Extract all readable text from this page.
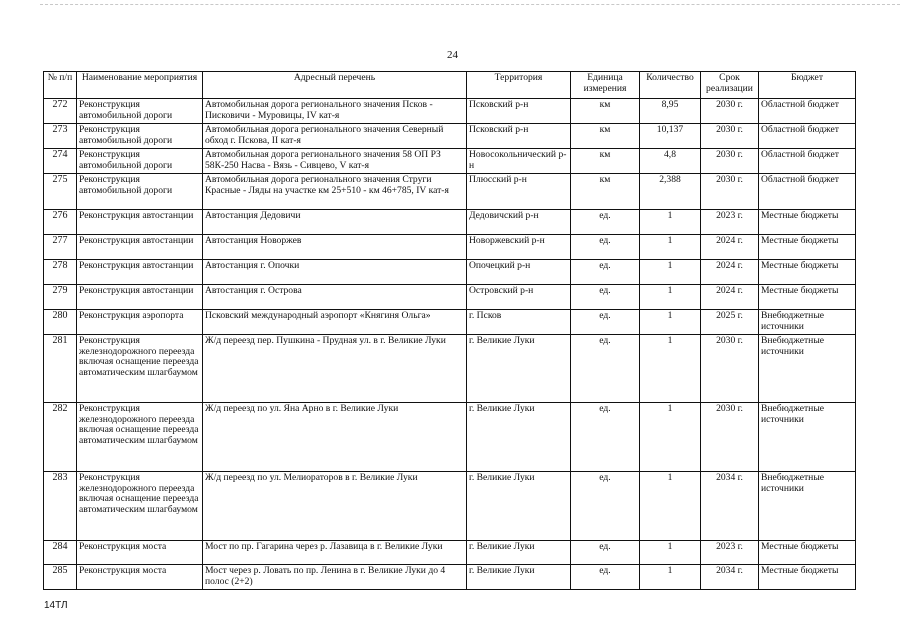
24
№ п/п	Наименование мероприятия	Адресный перечень	Территория	Единица измерения	Количество	Срок реализации	Бюджет
272	Реконструкция автомобильной дороги	Автомобильная дорога регионального значения Псков - Писковичи - Муровицы, IV кат-я	Псковский р-н	км	8,95	2030 г.	Областной бюджет
273	Реконструкция автомобильной дороги	Автомобильная дорога регионального значения Северный обход г. Пскова, II кат-я	Псковский р-н	км	10,137	2030 г.	Областной бюджет
274	Реконструкция автомобильной дороги	Автомобильная дорога регионального значения 58 ОП РЗ 58К-250 Насва - Вязь - Сивцево, V кат-я	Новосокольнический р-н	км	4,8	2030 г.	Областной бюджет
275	Реконструкция автомобильной дороги	Автомобильная дорога регионального значения Струги Красные - Ляды на участке км 25+510 - км 46+785, IV кат-я	Плюсский р-н	км	2,388	2030 г.	Областной бюджет
276	Реконструкция автостанции	Автостанция Дедовичи	Дедовичский р-н	ед.	1	2023 г.	Местные бюджеты
277	Реконструкция автостанции	Автостанция Новоржев	Новоржевский р-н	ед.	1	2024 г.	Местные бюджеты
278	Реконструкция автостанции	Автостанция г. Опочки	Опочецкий р-н	ед.	1	2024 г.	Местные бюджеты
279	Реконструкция автостанции	Автостанция г. Острова	Островский р-н	ед.	1	2024 г.	Местные бюджеты
280	Реконструкция аэропорта	Псковский международный аэропорт «Княгиня Ольга»	г. Псков	ед.	1	2025 г.	Внебюджетные источники
281	Реконструкция железнодорожного переезда включая оснащение переезда автоматическим шлагбаумом	Ж/д переезд пер. Пушкина - Прудная ул. в г. Великие Луки	г. Великие Луки	ед.	1	2030 г.	Внебюджетные источники
282	Реконструкция железнодорожного переезда включая оснащение переезда автоматическим шлагбаумом	Ж/д переезд по ул. Яна Арно в г. Великие Луки	г. Великие Луки	ед.	1	2030 г.	Внебюджетные источники
283	Реконструкция железнодорожного переезда включая оснащение переезда автоматическим шлагбаумом	Ж/д переезд по ул. Мелиораторов в г. Великие Луки	г. Великие Луки	ед.	1	2034 г.	Внебюджетные источники
284	Реконструкция моста	Мост по пр. Гагарина через р. Лазавица в г. Великие Луки	г. Великие Луки	ед.	1	2023 г.	Местные бюджеты
285	Реконструкция моста	Мост через р. Ловать по пр. Ленина в г. Великие Луки до 4 полос (2+2)	г. Великие Луки	ед.	1	2034 г.	Местные бюджеты
14ТЛ
